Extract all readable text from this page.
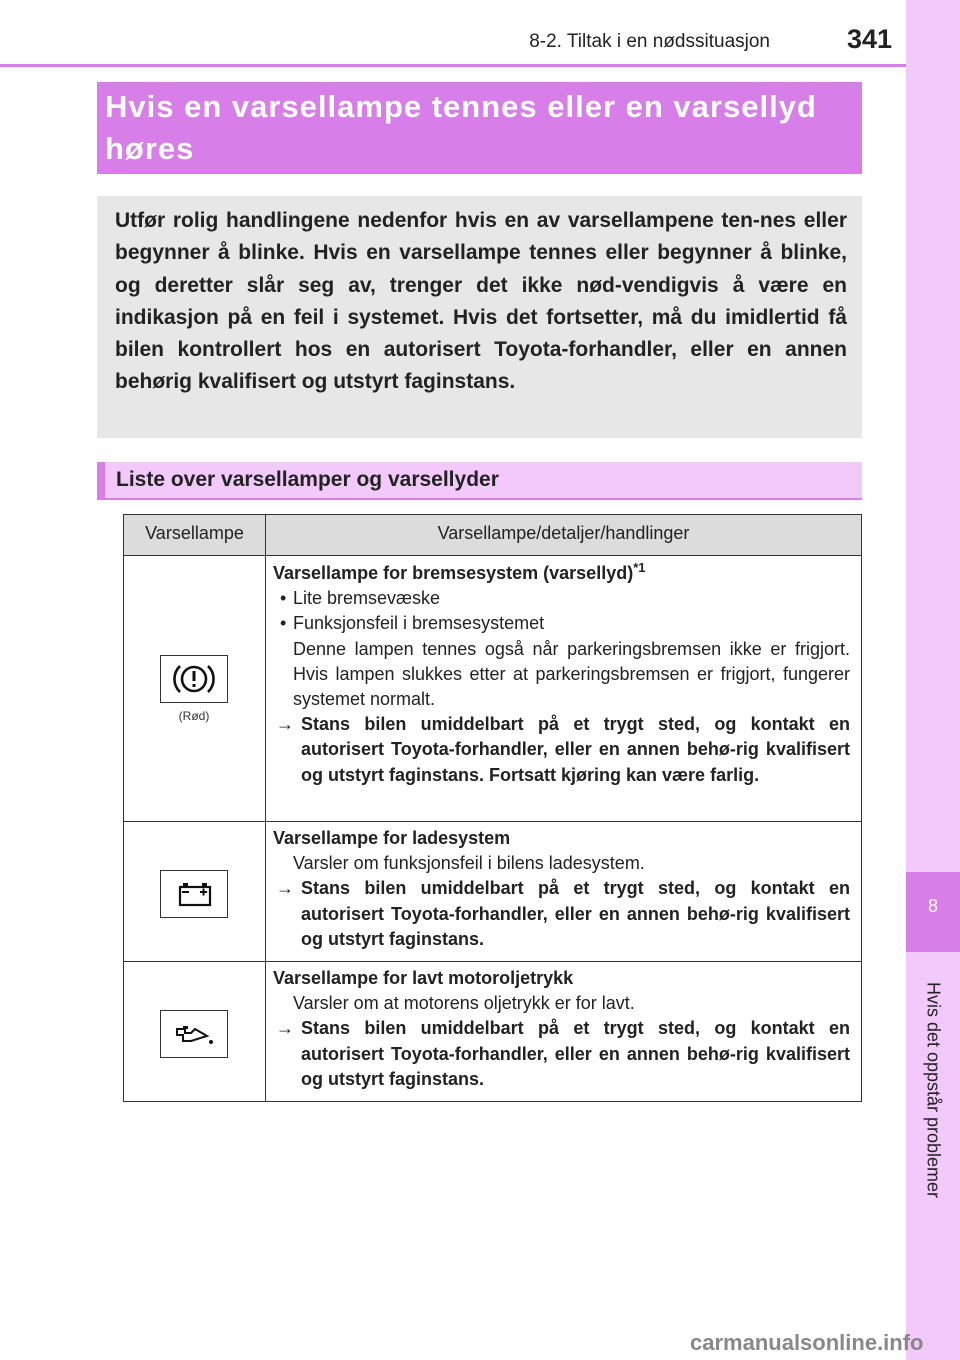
8-2. Tiltak i en nødssituasjon	341
8
Hvis det oppstår problemer
Hvis en varsellampe tennes eller en varsellyd høres
Utfør rolig handlingene nedenfor hvis en av varsellampene ten-nes eller begynner å blinke. Hvis en varsellampe tennes eller begynner å blinke, og deretter slår seg av, trenger det ikke nød-vendigvis å være en indikasjon på en feil i systemet. Hvis det fortsetter, må du imidlertid få bilen kontrollert hos en autorisert Toyota-forhandler, eller en annen behørig kvalifisert og utstyrt faginstans.
Liste over varsellamper og varsellyder
Varsellampe	Varsellampe/detaljer/handlinger
(Rød)
Varsellampe for bremsesystem (varsellyd)$^{*1}$
• Lite bremsevæske
• Funksjonsfeil i bremsesystemet
Denne lampen tennes også når parkeringsbremsen ikke er frigjort. Hvis lampen slukkes etter at parkeringsbremsen er frigjort, fungerer systemet normalt.
→ Stans bilen umiddelbart på et trygt sted, og kontakt en autorisert Toyota-forhandler, eller en annen behø-rig kvalifisert og utstyrt faginstans. Fortsatt kjøring kan være farlig.
Varsellampe for ladesystem
Varsler om funksjonsfeil i bilens ladesystem.
→ Stans bilen umiddelbart på et trygt sted, og kontakt en autorisert Toyota-forhandler, eller en annen behø-rig kvalifisert og utstyrt faginstans.
Varsellampe for lavt motoroljetrykk
Varsler om at motorens oljetrykk er for lavt.
→ Stans bilen umiddelbart på et trygt sted, og kontakt en autorisert Toyota-forhandler, eller en annen behø-rig kvalifisert og utstyrt faginstans.
carmanualsonline.info
